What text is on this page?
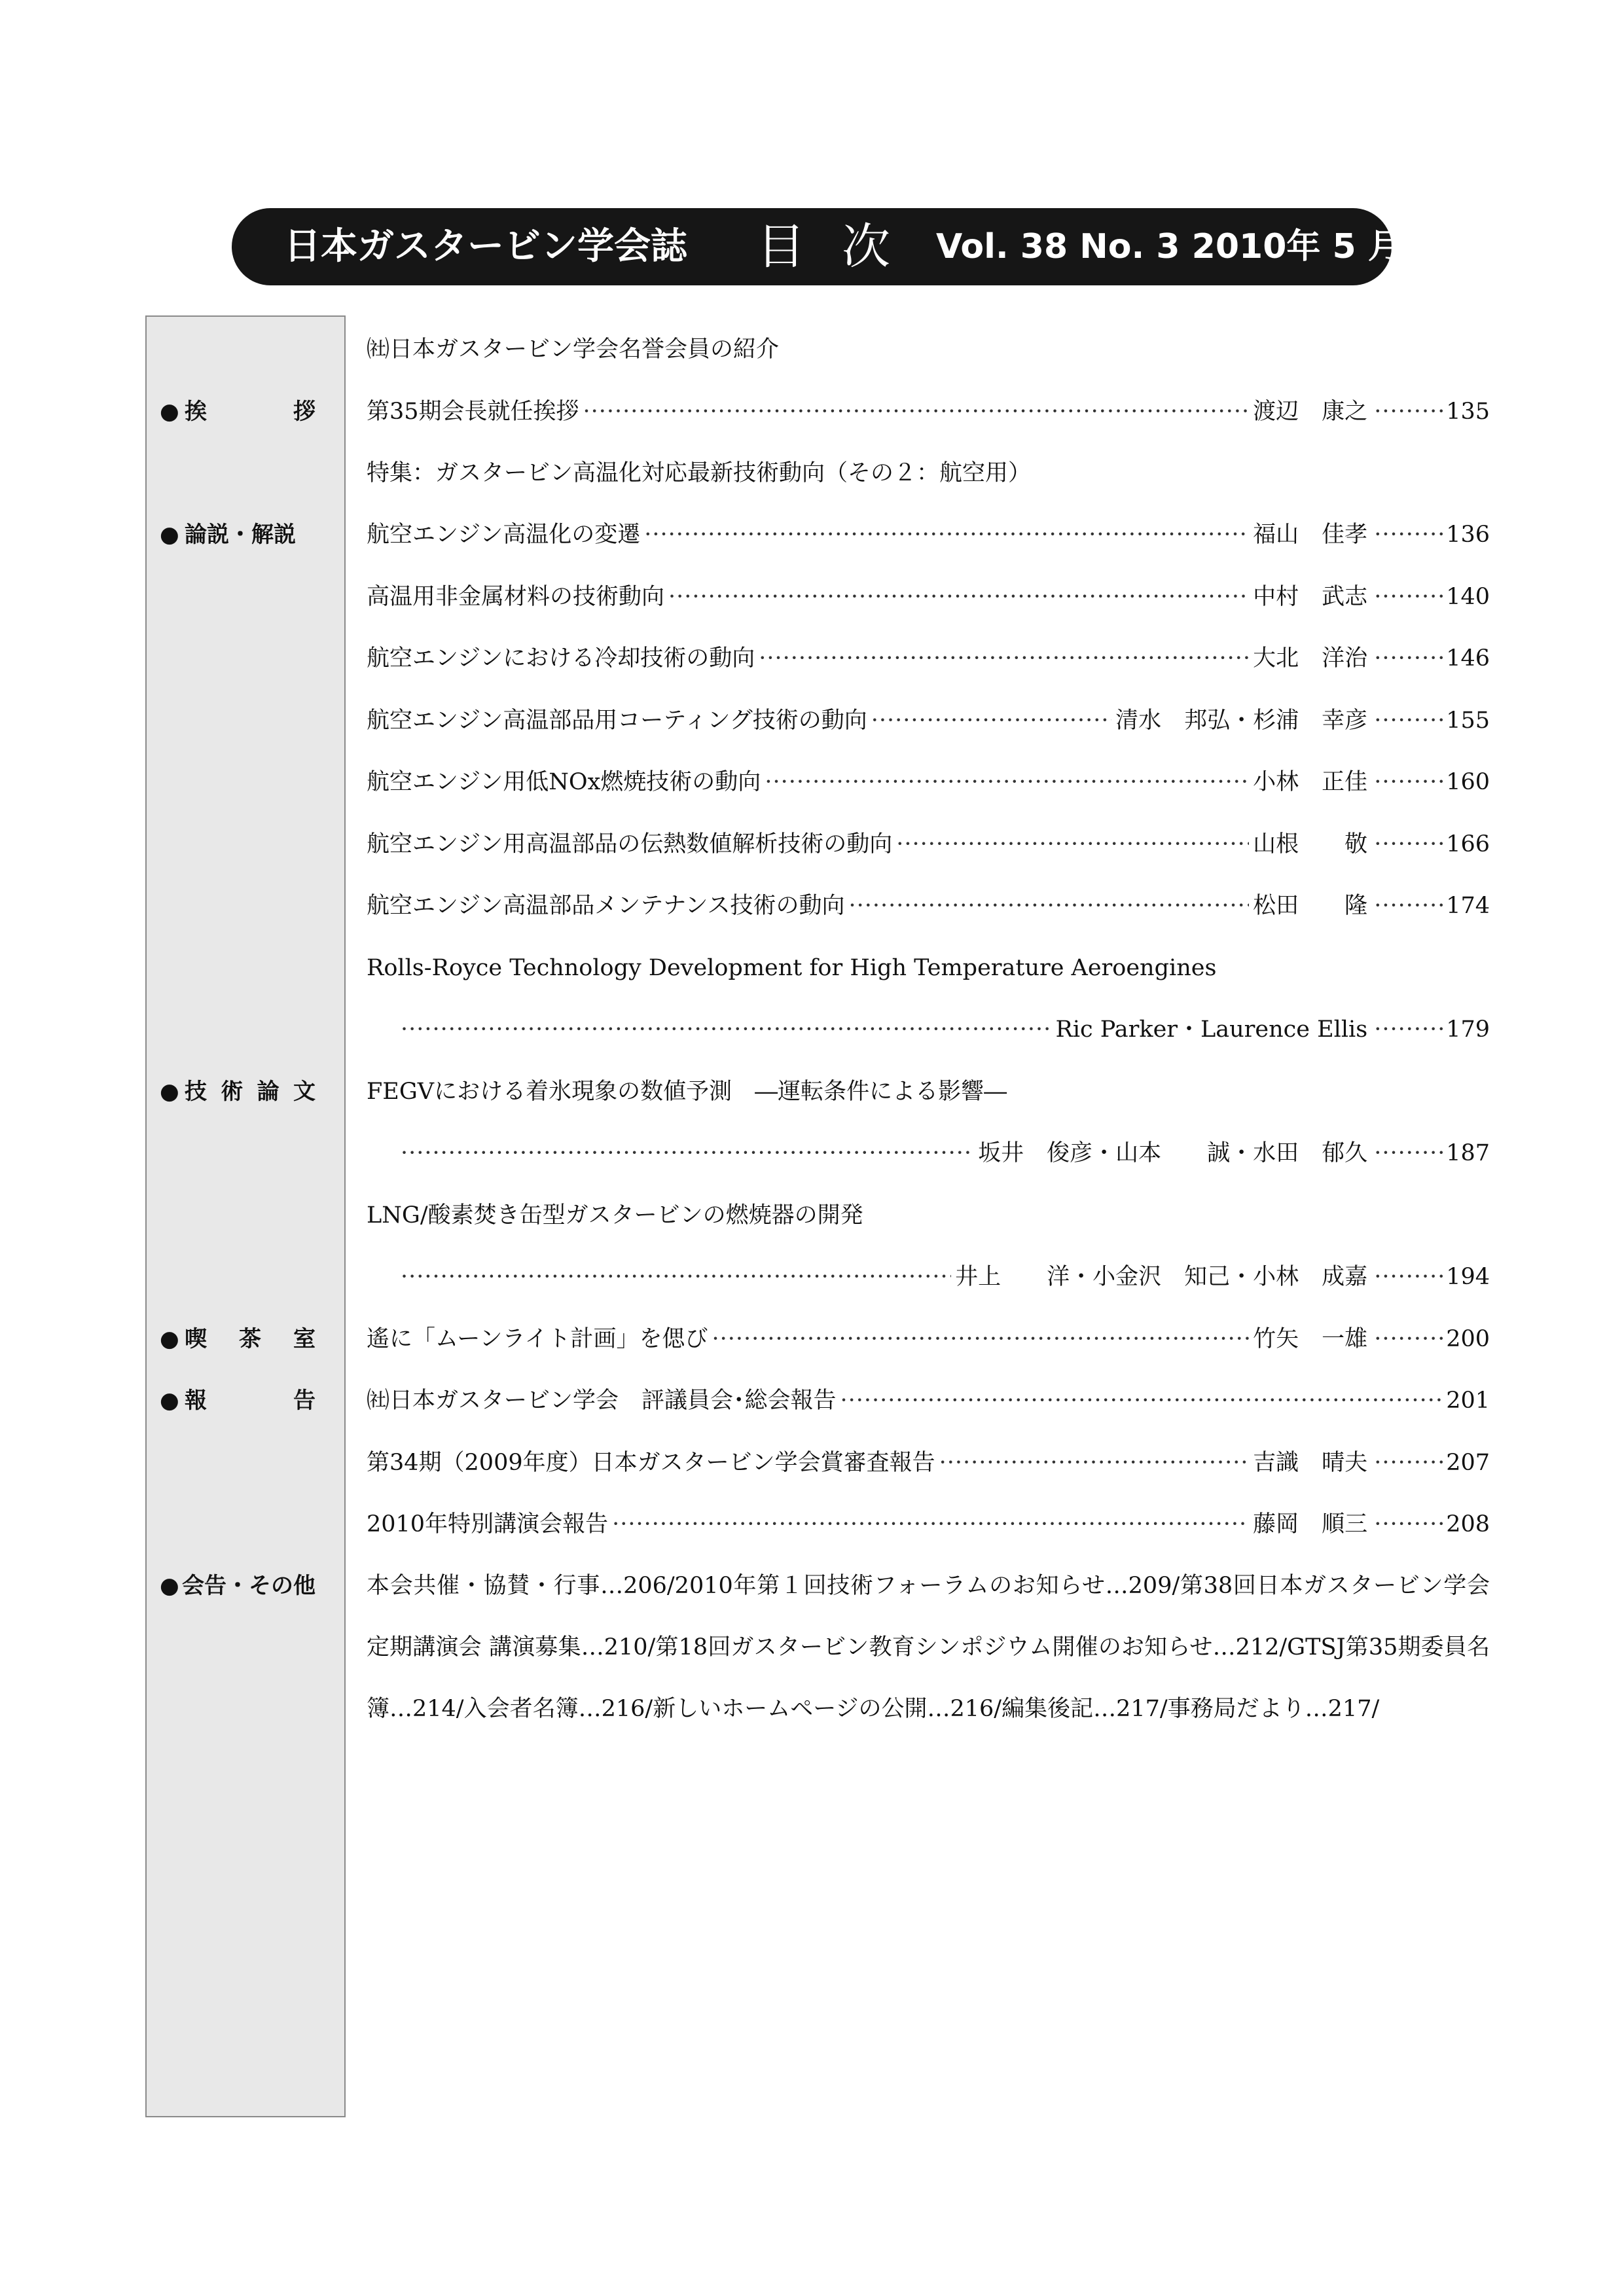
日本ガスタービン学会誌 目次 Vol. 38 No. 3 2010年 5 月
● 挨	拶
● 論説・解説
● 技 術 論 文
● 喫 茶 室
● 報	告
● 会告・その他
㈳日本ガスタービン学会名誉会員の紹介
第35期会長就任挨拶 ·····	渡辺　康之 ·····	135
特集：ガスタービン高温化対応最新技術動向（その２：航空用）
航空エンジン高温化の変遷 ·····	福山　佳孝 ·····	136
高温用非金属材料の技術動向 ·····	中村　武志 ·····	140
航空エンジンにおける冷却技術の動向 ·····	大北　洋治 ·····	146
航空エンジン高温部品用コーティング技術の動向 ·····	清水　邦弘・杉浦　幸彦 ·····	155
航空エンジン用低NOx燃焼技術の動向 ·····	小林　正佳 ·····	160
航空エンジン用高温部品の伝熱数値解析技術の動向 ·····	山根　　敬 ·····	166
航空エンジン高温部品メンテナンス技術の動向 ·····	松田　　隆 ·····	174
Rolls-Royce Technology Development for High Temperature Aeroengines
·····
Ric Parker・Laurence Ellis ·····	179
FEGVにおける着氷現象の数値予測　―運転条件による影響―
·····
坂井　俊彦・山本　　誠・水田　郁久 ·····	187
LNG/酸素焚き缶型ガスタービンの燃焼器の開発
·····
井上　　洋・小金沢　知己・小林　成嘉 ·····	194
遙に「ムーンライト計画」を偲び ·····	竹矢　一雄 ·····	200
㈳日本ガスタービン学会　評議員会･総会報告 ·····	201
第34期（2009年度）日本ガスタービン学会賞審査報告 ·····	吉識　晴夫 ·····	207
2010年特別講演会報告 ·····	藤岡　順三 ·····	208
本会共催・協賛・行事…206/2010年第１回技術フォーラムのお知らせ…209/第38回日本ガスタービン学会定期講演会 講演募集…210/第18回ガスタービン教育シンポジウム開催のお知らせ…212/GTSJ第35期委員名簿…214/入会者名簿…216/新しいホームページの公開…216/編集後記…217/事務局だより…217/
